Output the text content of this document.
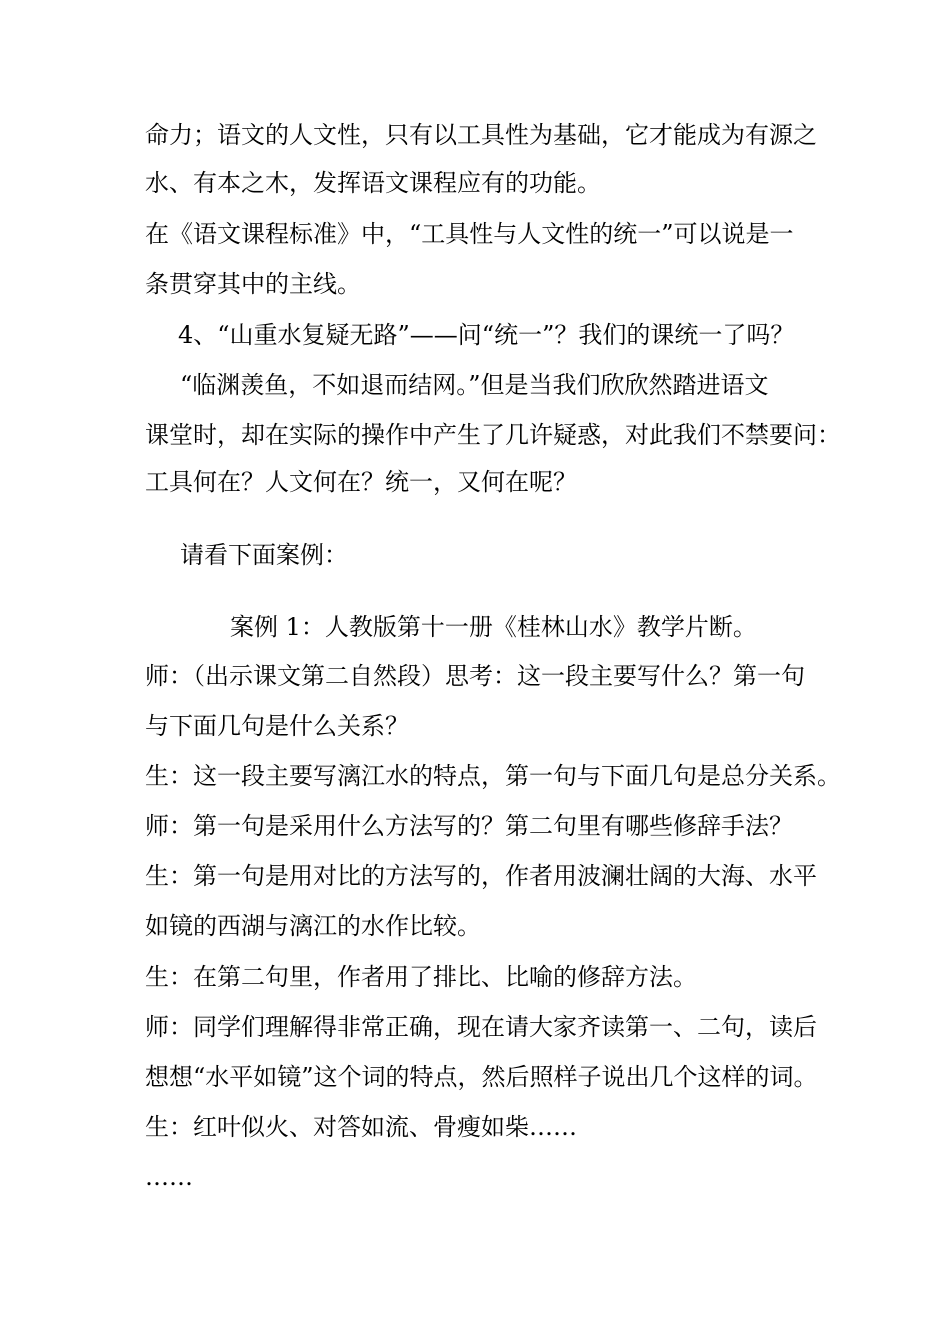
命力；语文的人文性，只有以工具性为基础，它才能成为有源之
水、有本之木，发挥语文课程应有的功能。
在《语文课程标准》中，“工具性与人文性的统一”可以说是一
条贯穿其中的主线。
4、“山重水复疑无路”——问“统一”？我们的课统一了吗？
“临渊羡鱼，不如退而结网。”但是当我们欣欣然踏进语文
课堂时，却在实际的操作中产生了几许疑惑，对此我们不禁要问：
工具何在？人文何在？统一，又何在呢？
请看下面案例：
案例 1：人教版第十一册《桂林山水》教学片断。
师：（出示课文第二自然段）思考：这一段主要写什么？第一句
与下面几句是什么关系？
生：这一段主要写漓江水的特点，第一句与下面几句是总分关系。
师：第一句是采用什么方法写的？第二句里有哪些修辞手法？
生：第一句是用对比的方法写的，作者用波澜壮阔的大海、水平
如镜的西湖与漓江的水作比较。
生：在第二句里，作者用了排比、比喻的修辞方法。
师：同学们理解得非常正确，现在请大家齐读第一、二句，读后
想想“水平如镜”这个词的特点，然后照样子说出几个这样的词。
生：红叶似火、对答如流、骨瘦如柴……
……
